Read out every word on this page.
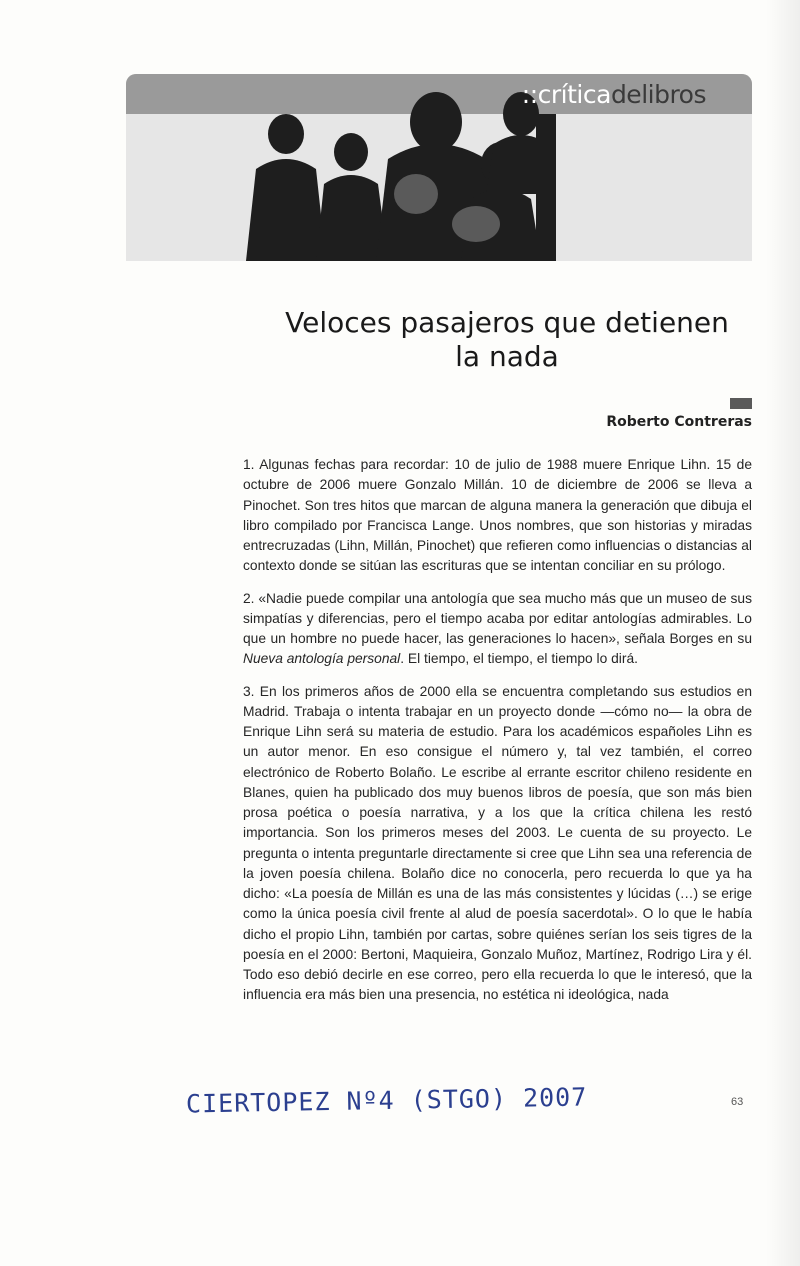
::críticadelibros
Veloces pasajeros que detienen
la nada
Roberto Contreras

1. Algunas fechas para recordar: 10 de julio de 1988 muere Enrique Lihn. 15 de octubre de 2006 muere Gonzalo Millán. 10 de diciembre de 2006 se lleva a Pinochet. Son tres hitos que marcan de alguna manera la generación que dibuja el libro compilado por Francisca Lange. Unos nombres, que son historias y miradas entrecruzadas (Lihn, Millán, Pinochet) que refieren como influencias o distancias al contexto donde se sitúan las escrituras que se intentan conciliar en su prólogo.

2. «Nadie puede compilar una antología que sea mucho más que un museo de sus simpatías y diferencias, pero el tiempo acaba por editar antologías admirables. Lo que un hombre no puede hacer, las generaciones lo hacen», señala Borges en su Nueva antología personal. El tiempo, el tiempo, el tiempo lo dirá.

3. En los primeros años de 2000 ella se encuentra completando sus estudios en Madrid. Trabaja o intenta trabajar en un proyecto donde —cómo no— la obra de Enrique Lihn será su materia de estudio. Para los académicos españoles Lihn es un autor menor. En eso consigue el número y, tal vez también, el correo electrónico de Roberto Bolaño. Le escribe al errante escritor chileno residente en Blanes, quien ha publicado dos muy buenos libros de poesía, que son más bien prosa poética o poesía narrativa, y a los que la crítica chilena les restó importancia. Son los primeros meses del 2003. Le cuenta de su proyecto. Le pregunta o intenta preguntarle directamente si cree que Lihn sea una referencia de la joven poesía chilena. Bolaño dice no conocerla, pero recuerda lo que ya ha dicho: «La poesía de Millán es una de las más consistentes y lúcidas (…) se erige como la única poesía civil frente al alud de poesía sacerdotal». O lo que le había dicho el propio Lihn, también por cartas, sobre quiénes serían los seis tigres de la poesía en el 2000: Bertoni, Maquieira, Gonzalo Muñoz, Martínez, Rodrigo Lira y él. Todo eso debió decirle en ese correo, pero ella recuerda lo que le interesó, que la influencia era más bien una presencia, no estética ni ideológica, nada

CIERTOPEZ Nº4 (STGO) 2007	63
